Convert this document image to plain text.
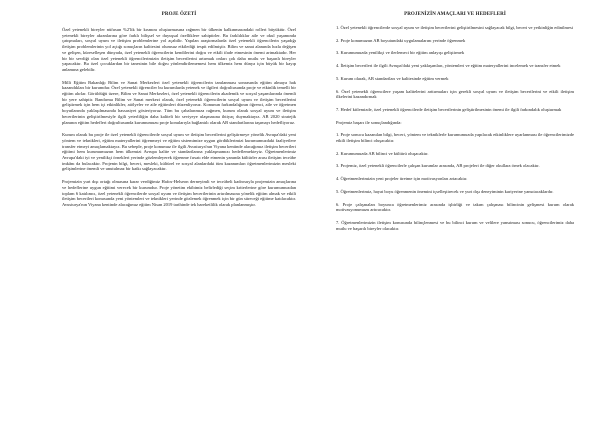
PROJE ÖZETİ

Özel yetenekli bireyler nüfusun %2'lik bir kısmını oluşturmasına rağmen bir ülkenin kalkınmasındaki rolleri büyüktür. Özel yetenekli bireyler akranlarına göre farklı bilişsel ve duyuşsal özelliklere sahiptirler. Bu farklılıklar aile ve okul yaşamında çatışmaları, sosyal uyum ve iletişim problemlerine yol açabilir. Yapılan araştırmalarda özel yetenekli öğrencilerin yaşadığı iletişim problemlerinin yol açtığı sonuçların kalitesini olumsuz etkilediği tespit edilmiştir. Bilim ve sanat alanında hızla değişen ve gelişen, küreselleşen dünyada, özel yetenekli öğrencilerin kendilerini doğru ve etkili ifade etmesinin önemi artmaktadır. Her bir bir sevdiği olan özel yetenekli öğrencilerimizin iletişim becerilerini artırmak onları çok daha mutlu ve başarılı bireyler yapacaktır. Bu özel çocuklardan bir tanesinin bile doğru yönlendirilememesi hem ülkemiz hem dünya için büyük bir kayıp anlamına gelebilir.

Milli Eğitim Bakanlığı Bilim ve Sanat Merkezleri özel yetenekli öğrencilerin tanılanması sonrasında eğitim almaya hak kazandıkları bir kurumdur. Özel yetenekli öğrenciler bu kurumlarda yetenek ve ilgileri doğrultusunda proje ve etkinlik temelli bir eğitim alırlar. Görüldüğü üzere, Bilim ve Sanat Merkezleri, özel yetenekli öğrencilerin akademik ve sosyal yaşamlarında önemli bir yere sahiptir. Bandırma Bilim ve Sanat merkezi olarak, özel yetenekli öğrencilerin sosyal uyum ve iletişim becerilerini geliştirmek için hem içi etkinlikler, atölyeler ve aile eğitimleri düzenliyoruz. Konunun farkındalığının öğrenci, aile ve öğretmen boyutlarında yaklaşılmasında hassasiyet gösteriyoruz. Tüm bu çabalarımıza rağmen, kurum olarak sosyal uyum ve iletişim becerilerinin geliştirilmesiyle ilgili yeterliliğin daha kaliteli bir seviyeye ulaşmasına ihtiyaç duymaktayız. AB 2020 stratejik planının eğitim hedefleri doğrultusunda kurumumuzu proje konularıyla bağlantılı olarak AB standartlarına taşımayı hedefliyoruz.

Kurum olarak bu proje ile özel yetenekli öğrencilerde sosyal uyum ve iletişim becerilerini geliştirmeye yönelik Avrupa'daki yeni yöntem ve teknikleri, eğitim materyallerini öğrenmeyi ve eğitim sistemimize uygun gördüklerimizi kurumumuzdaki faaliyetlere transfer etmeyi amaçlamaktayız. Bu sebeple, proje konumuz ile ilgili Avusturya'nın Viyana kentinde alacağımız iletişim becerileri eğitimi hem kurumumuzun hem ülkemizi Avrupa kalite ve standartlarına yaklaşmamızı hedeflemekteyiz. Öğretmenlerimiz Avrupa'daki iyi ve yenilikçi örnekleri yerinde gözlemleyerek öğrenme fırsatı elde etmenin yanında kültürler arası iletişim tecrübe imkânı da bulacaktır. Projenin bilgi, beceri, mesleki, kültürel ve sosyal alanlardaki tüm kazanımları öğretmenlerimizin mesleki gelişimlerine önemli ve unutulmaz bir katkı sağlayacaktır.

Projemizin yurt dışı ortağı olmasına karar verdiğimiz Hafos-Helseon derneyimli ve tecrübeli kadrosuyla projemizin amaçlarına ve hedeflerine uygun eğitimi verecek bir kurumdur. Proje yönetim ekibimiz belirlediği seçim kriterlerine göre kurumumuzdan toplam 6 katılımcı, özel yetenekli öğrencilerde sosyal uyum ve iletişim becerilerinin artırılmasına yönelik eğitim almak ve etkili iletişim becerileri konusunda yeni yöntemleri ve teknikleri yerinde gözlemek öğrenmek için bir gün süreceği eğitime katılacaktır. Avusturya'nın Viyana kentinde alacağımız eğitim Nisan 2019 tarihinde tek hareketlilik olarak planlanmıştır.

PROJENİZİN AMAÇLARI VE HEDEFLERİ

1. Özel yetenekli öğrencilerde sosyal uyum ve iletişim becerilerini geliştirilmesini sağlayacak bilgi, beceri ve yetkinliğin edinilmesi

2. Proje konumuzun AB boyutundaki uygulamalarını yerinde öğrenmek

3. Kurumumuzda yenilikçi ve ilerlemeci bir eğitim anlayışı geliştirmek

4. İletişim becerileri ile ilgili Avrupa'daki yeni yaklaşımları, yöntemleri ve eğitim materyallerini incelemek ve transfer etmek

5. Kurum olarak, AB standartları ve kalitesinde eğitim vermek

6. Özel yetenekli öğrencilere yaşam kalitelerini arttırmaları için gerekli sosyal uyum ve iletişim becerilerini ve etkili iletişim ilkelerini kazandırmak

7. Hedef kitlemizde, özel yetenekli öğrencilerde iletişim becerilerinin geliştirilmesinin önemi ile ilgili farkındalık oluşturmak

Projemiz başarı ile sonuçlandığında:

1. Proje sonucu kazanılan bilgi, beceri, yöntem ve tekniklerle kurumumuzda yapılacak etkinliklere uyarlanması ile öğrencilerimizde etkili iletişim bilinci oluşacaktır.

2. Kurumumuzda AB bilinci ve kültürü oluşacaktır.

3. Projemiz, özel yetenekli öğrencilerle çalışan kurumlar arasında, AB projeleri ile diğer okullara örnek olacaktır.

4. Öğretmenlerimizin yeni projeler üretme için motivasyonları artacaktır.

5. Öğretmenlerimiz, hayat boyu öğrenmenin önemini içselleştirecek ve yurt dışı deneyiminin kariyerine yansıtacaklardır.

6. Proje çalışmaları boyunca öğretmenlerimiz arasında işbirliği ve takım çalışması bilincinin gelişmesi kurum olarak motivasyonumuzu artıracaktır.

7. Öğretmenlerimizin iletişim konusunda bilinçlenmesi ve bu bilinci kurum ve velilere yansıtması sonucu, öğrencilerimiz daha mutlu ve başarılı bireyler olacaktır.
